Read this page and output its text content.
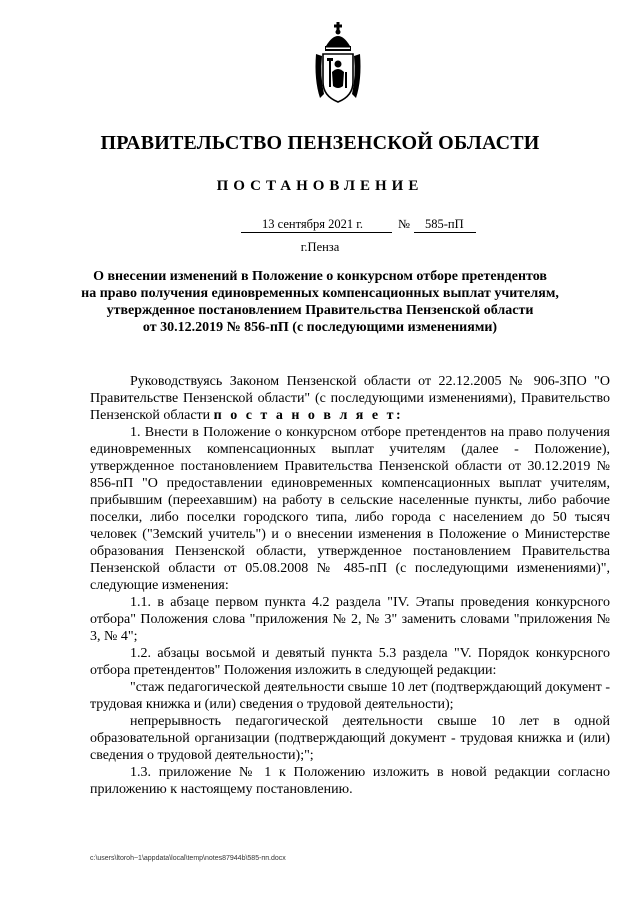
ПРАВИТЕЛЬСТВО ПЕНЗЕНСКОЙ ОБЛАСТИ
ПОСТАНОВЛЕНИЕ
13 сентября 2021 г.	№ 585-пП
г.Пенза
О внесении изменений в Положение о конкурсном отборе претендентов
на право получения единовременных компенсационных выплат учителям,
утвержденное постановлением Правительства Пензенской области
от 30.12.2019 № 856-пП (с последующими изменениями)

Руководствуясь Законом Пензенской области от 22.12.2005 № 906-ЗПО "О Правительстве Пензенской области" (с последующими изменениями), Правительство Пензенской области п о с т а н о в л я е т:

1. Внести в Положение о конкурсном отборе претендентов на право получения единовременных компенсационных выплат учителям (далее - Положение), утвержденное постановлением Правительства Пензенской области от 30.12.2019 № 856-пП "О предоставлении единовременных компенсационных выплат учителям, прибывшим (переехавшим) на работу в сельские населенные пункты, либо рабочие поселки, либо поселки городского типа, либо города с населением до 50 тысяч человек ("Земский учитель") и о внесении изменения в Положение о Министерстве образования Пензенской области, утвержденное постановлением Правительства Пензенской области от 05.08.2008 № 485-пП (с последующими изменениями)", следующие изменения:

1.1. в абзаце первом пункта 4.2 раздела "IV. Этапы проведения конкурсного отбора" Положения слова "приложения № 2, № 3" заменить словами "приложения № 3, № 4";

1.2. абзацы восьмой и девятый пункта 5.3 раздела "V. Порядок конкурсного отбора претендентов" Положения изложить в следующей редакции:

"стаж педагогической деятельности свыше 10 лет (подтверждающий документ - трудовая книжка и (или) сведения о трудовой деятельности);

непрерывность педагогической деятельности свыше 10 лет в одной образовательной организации (подтверждающий документ - трудовая книжка и (или) сведения о трудовой деятельности);";

1.3. приложение № 1 к Положению изложить в новой редакции согласно приложению к настоящему постановлению.

c:\users\ltoroh~1\appdata\local\temp\notes87944b\585-пп.docx
